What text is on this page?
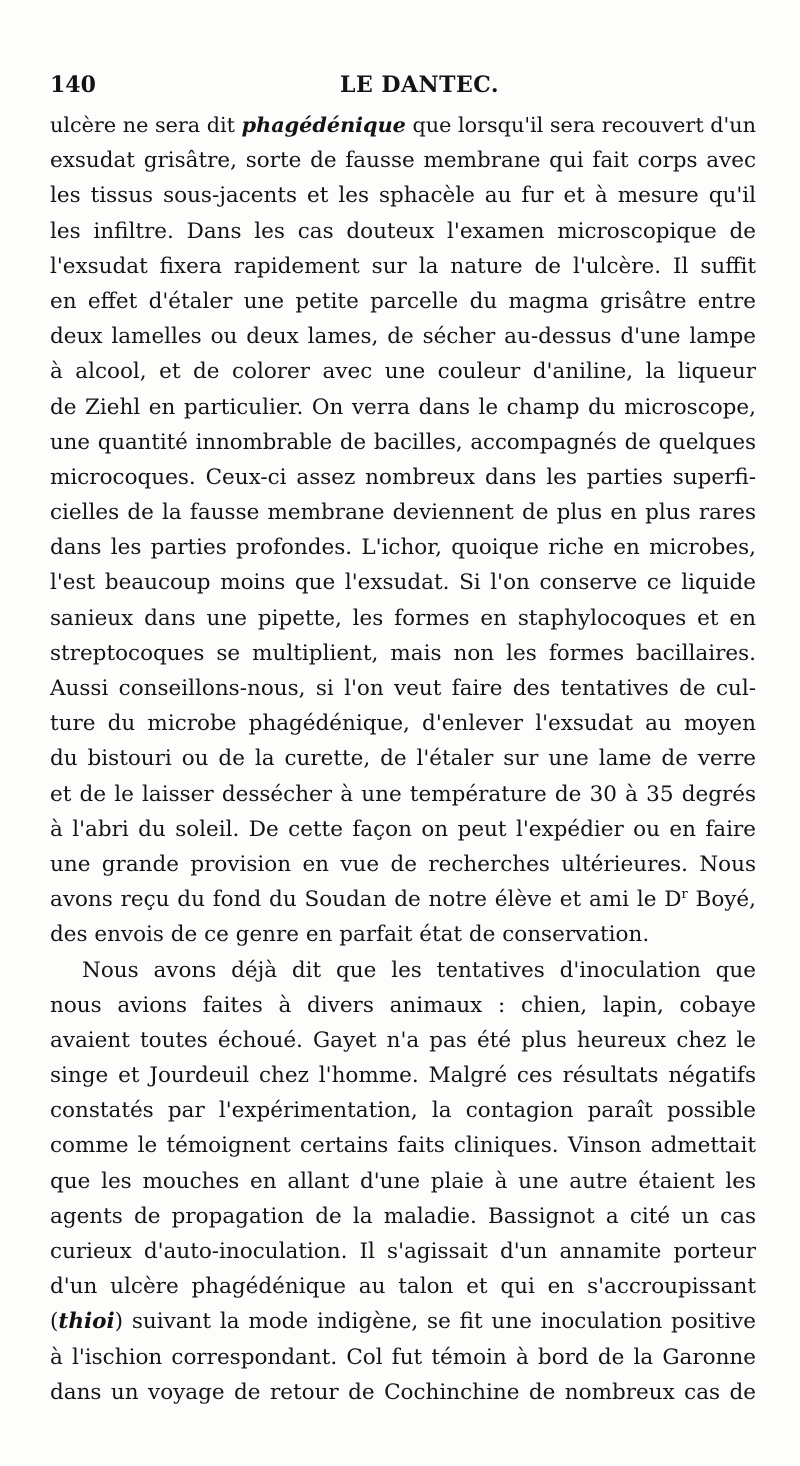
140	LE DANTEC.
ulcère ne sera dit phagédénique que lorsqu'il sera recouvert d'un
exsudat grisâtre, sorte de fausse membrane qui fait corps avec
les tissus sous-jacents et les sphacèle au fur et à mesure qu'il
les infiltre. Dans les cas douteux l'examen microscopique de
l'exsudat fixera rapidement sur la nature de l'ulcère. Il suffit
en effet d'étaler une petite parcelle du magma grisâtre entre
deux lamelles ou deux lames, de sécher au-dessus d'une lampe
à alcool, et de colorer avec une couleur d'aniline, la liqueur
de Ziehl en particulier. On verra dans le champ du microscope,
une quantité innombrable de bacilles, accompagnés de quelques
microcoques. Ceux-ci assez nombreux dans les parties superfi-
cielles de la fausse membrane deviennent de plus en plus rares
dans les parties profondes. L'ichor, quoique riche en microbes,
l'est beaucoup moins que l'exsudat. Si l'on conserve ce liquide
sanieux dans une pipette, les formes en staphylocoques et en
streptocoques se multiplient, mais non les formes bacillaires.
Aussi conseillons-nous, si l'on veut faire des tentatives de cul-
ture du microbe phagédénique, d'enlever l'exsudat au moyen
du bistouri ou de la curette, de l'étaler sur une lame de verre
et de le laisser dessécher à une température de 30 à 35 degrés
à l'abri du soleil. De cette façon on peut l'expédier ou en faire
une grande provision en vue de recherches ultérieures. Nous
avons reçu du fond du Soudan de notre élève et ami le $D^r$ Boyé,
des envois de ce genre en parfait état de conservation.
Nous avons déjà dit que les tentatives d'inoculation que
nous avions faites à divers animaux : chien, lapin, cobaye
avaient toutes échoué. Gayet n'a pas été plus heureux chez le
singe et Jourdeuil chez l'homme. Malgré ces résultats négatifs
constatés par l'expérimentation, la contagion paraît possible
comme le témoignent certains faits cliniques. Vinson admettait
que les mouches en allant d'une plaie à une autre étaient les
agents de propagation de la maladie. Bassignot a cité un cas
curieux d'auto-inoculation. Il s'agissait d'un annamite porteur
d'un ulcère phagédénique au talon et qui en s'accroupissant
(thioi) suivant la mode indigène, se fit une inoculation positive
à l'ischion correspondant. Col fut témoin à bord de la Garonne
dans un voyage de retour de Cochinchine de nombreux cas de
